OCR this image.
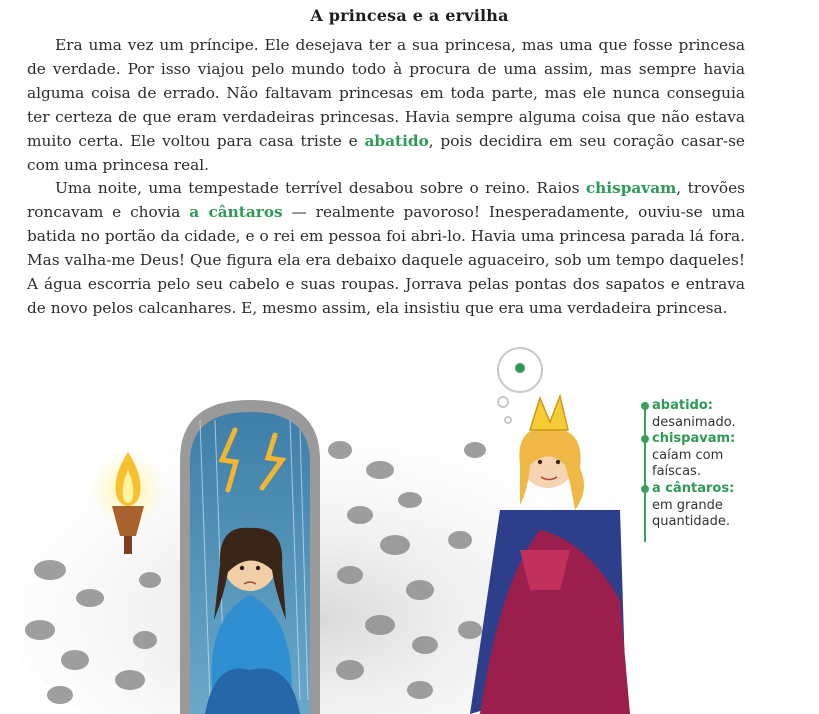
A princesa e a ervilha

Era uma vez um príncipe. Ele desejava ter a sua princesa, mas uma que fosse princesa de verdade. Por isso viajou pelo mundo todo à procura de uma assim, mas sempre havia alguma coisa de errado. Não faltavam princesas em toda parte, mas ele nunca conseguia ter certeza de que eram verdadeiras princesas. Havia sempre alguma coisa que não estava muito certa. Ele voltou para casa triste e abatido, pois decidira em seu coração casar-se com uma princesa real.

Uma noite, uma tempestade terrível desabou sobre o reino. Raios chispavam, trovões roncavam e chovia a cântaros — realmente pavoroso! Inesperadamente, ouviu-se uma batida no portão da cidade, e o rei em pessoa foi abri-lo. Havia uma princesa parada lá fora. Mas valha-me Deus! Que figura ela era debaixo daquele aguaceiro, sob um tempo daqueles! A água escorria pelo seu cabelo e suas roupas. Jorrava pelas pontas dos sapatos e entrava de novo pelos calcanhares. E, mesmo assim, ela insistiu que era uma verdadeira princesa.

abatido:
desanimado.
chispavam:
caíam com faíscas.
a cântaros:
em grande quantidade.
